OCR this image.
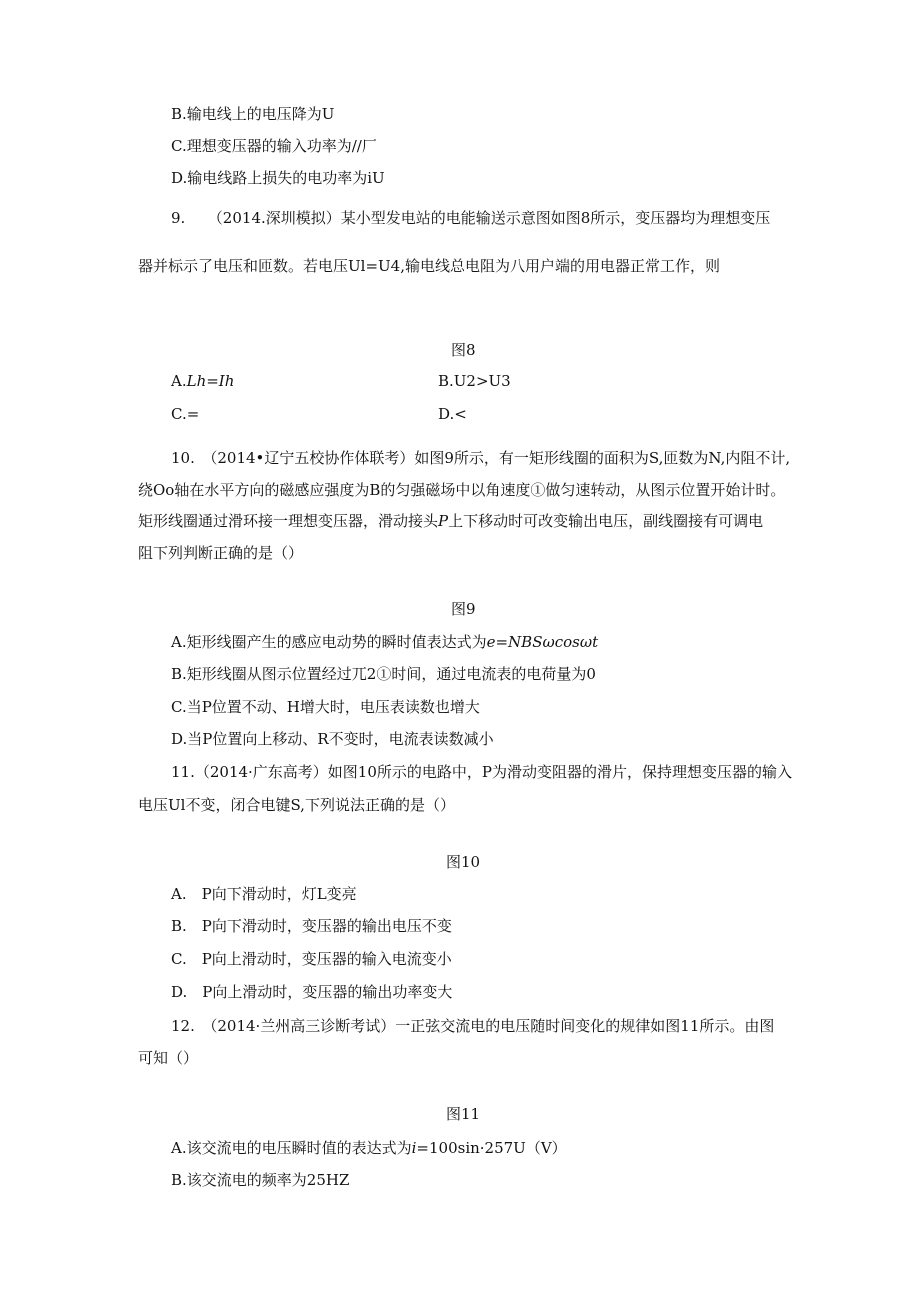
B.输电线上的电压降为U
C.理想变压器的输入功率为//厂
D.输电线路上损失的电功率为iU
9.　　（2014.深圳模拟）某小型发电站的电能输送示意图如图8所示，变压器均为理想变压
器并标示了电压和匝数。若电压Ul=U4,输电线总电阻为八用户端的用电器正常工作，则
图8
A.Lh=Ih	B.U2>U3
C.=	D.<
10.　（2014•辽宁五校协作体联考）如图9所示，有一矩形线圈的面积为S,匝数为N,内阻不计,
绕Oo轴在水平方向的磁感应强度为B的匀强磁场中以角速度①做匀速转动，从图示位置开始计时。
矩形线圈通过滑环接一理想变压器，滑动接头P上下移动时可改变输出电压，副线圈接有可调电
阻下列判断正确的是（）
图9
A.矩形线圈产生的感应电动势的瞬时值表达式为e=NBSωcosωt
B.矩形线圈从图示位置经过兀2①时间，通过电流表的电荷量为0
C.当P位置不动、H增大时，电压表读数也增大
D.当P位置向上移动、R不变时，电流表读数减小
11.（2014·广东高考）如图10所示的电路中，P为滑动变阻器的滑片，保持理想变压器的输入
电压Ul不变，闭合电键S,下列说法正确的是（）
图10
A.　P向下滑动时，灯L变亮
B.　P向下滑动时，变压器的输出电压不变
C.　P向上滑动时，变压器的输入电流变小
D.　P向上滑动时，变压器的输出功率变大
12.　（2014·兰州高三诊断考试）一正弦交流电的电压随时间变化的规律如图11所示。由图
可知（）
图11
A.该交流电的电压瞬时值的表达式为i=100sin·257U（V）
B.该交流电的频率为25HZ
